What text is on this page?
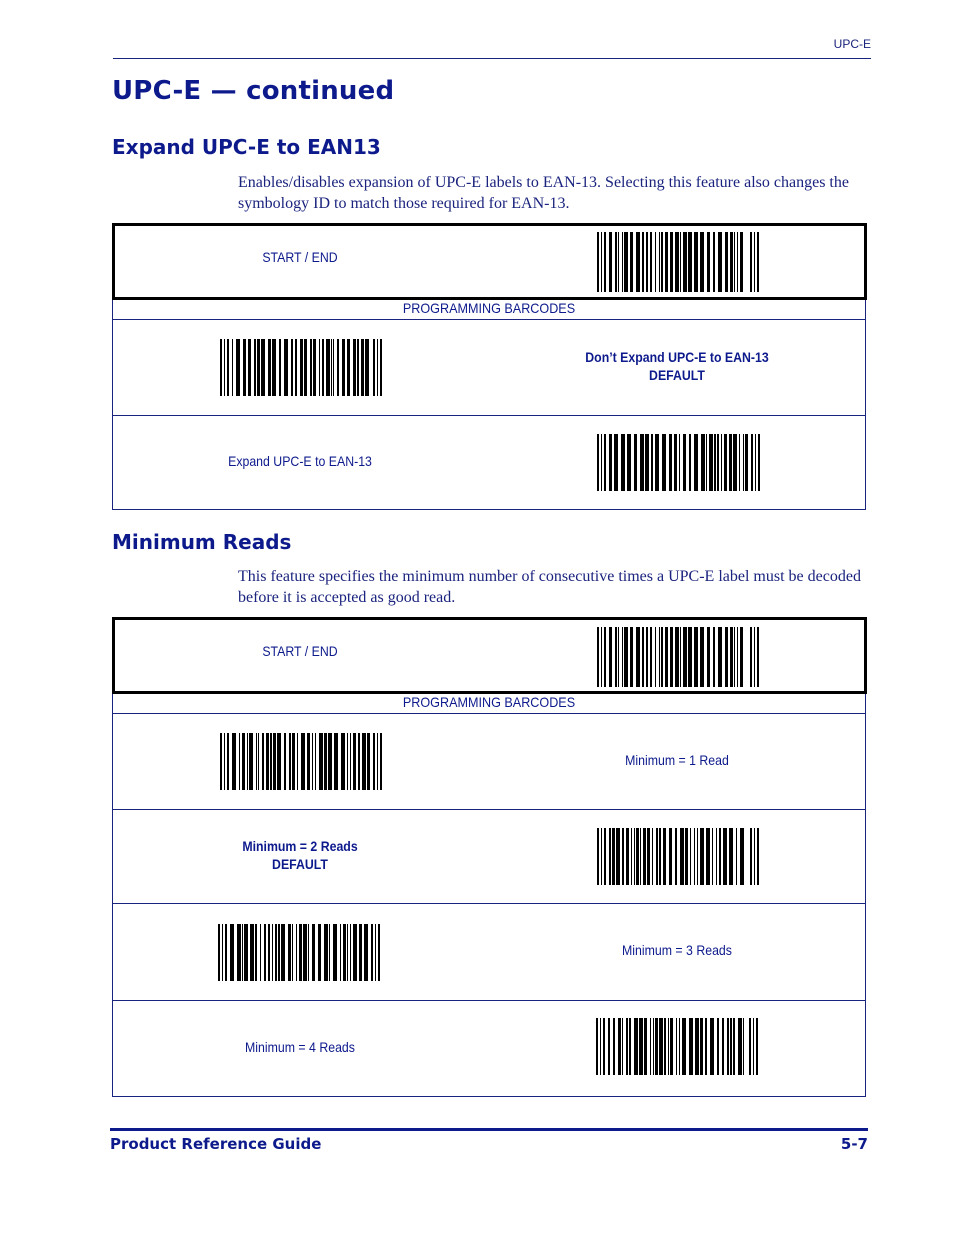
UPC-E
UPC-E — continued
Expand UPC-E to EAN13

Enables/disables expansion of UPC-E labels to EAN-13. Selecting this feature also changes the symbology ID to match those required for EAN-13.

START / END
PROGRAMMING BARCODES
Don’t Expand UPC-E to EAN-13
DEFAULT
Expand UPC-E to EAN-13
Minimum Reads

This feature specifies the minimum number of consecutive times a UPC-E label must be decoded before it is accepted as good read.

START / END
PROGRAMMING BARCODES
Minimum = 1 Read
Minimum = 2 Reads
DEFAULT
Minimum = 3 Reads
Minimum = 4 Reads
Product Reference Guide	5-7
